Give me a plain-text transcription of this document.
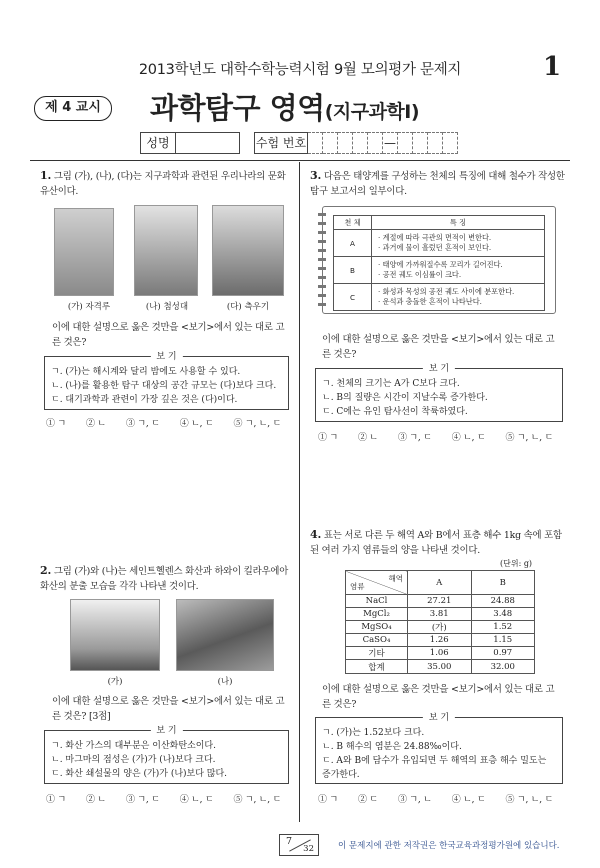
2013학년도 대학수학능력시험 9월 모의평가 문제지	1
제 4 교시	과학탐구 영역(지구과학Ⅰ)
성명	수험 번호	—
1. 그림 (가), (나), (다)는 지구과학과 관련된 우리나라의 문화 유산이다.
(가) 자격루	(나) 첨성대	(다) 측우기
이에 대한 설명으로 옳은 것만을 <보기>에서 있는 대로 고른 것은?
보 기
ㄱ. (가)는 해시계와 달리 밤에도 사용할 수 있다.
ㄴ. (나)를 활용한 탐구 대상의 공간 규모는 (다)보다 크다.
ㄷ. 대기과학과 관련이 가장 깊은 것은 (다)이다.
① ㄱ ② ㄴ ③ ㄱ, ㄷ ④ ㄴ, ㄷ ⑤ ㄱ, ㄴ, ㄷ
2. 그림 (가)와 (나)는 세인트헬렌스 화산과 하와이 킬라우에아 화산의 분출 모습을 각각 나타낸 것이다.
(가)	(나)
이에 대한 설명으로 옳은 것만을 <보기>에서 있는 대로 고른 것은? [3점]
보 기
ㄱ. 화산 가스의 대부분은 이산화탄소이다.
ㄴ. 마그마의 점성은 (가)가 (나)보다 크다.
ㄷ. 화산 쇄설물의 양은 (가)가 (나)보다 많다.
① ㄱ ② ㄴ ③ ㄱ, ㄷ ④ ㄴ, ㄷ ⑤ ㄱ, ㄴ, ㄷ
3. 다음은 태양계를 구성하는 천체의 특징에 대해 철수가 작성한 탐구 보고서의 일부이다.
천 체	특 징
A	· 계절에 따라 극관의 면적이 변한다.
· 과거에 물이 흘렀던 흔적이 보인다.

B	· 태양에 가까워질수록 꼬리가 길어진다.
· 공전 궤도 이심률이 크다.

C	· 화성과 목성의 공전 궤도 사이에 분포한다.
· 운석과 충돌한 흔적이 나타난다.
이에 대한 설명으로 옳은 것만을 <보기>에서 있는 대로 고른 것은?
보 기
ㄱ. 천체의 크기는 A가 C보다 크다.
ㄴ. B의 질량은 시간이 지날수록 증가한다.
ㄷ. C에는 유인 탐사선이 착륙하였다.
① ㄱ ② ㄴ ③ ㄱ, ㄷ ④ ㄴ, ㄷ ⑤ ㄱ, ㄴ, ㄷ
4. 표는 서로 다른 두 해역 A와 B에서 표층 해수 1kg 속에 포함된 여러 가지 염류들의 양을 나타낸 것이다.
(단위: g)
해역
염류	A	B
NaCl	27.21	24.88
MgCl₂	3.81	3.48
MgSO₄	(가)	1.52
CaSO₄	1.26	1.15
기타	1.06	0.97
합계	35.00	32.00
이에 대한 설명으로 옳은 것만을 <보기>에서 있는 대로 고른 것은?
보 기
ㄱ. (가)는 1.52보다 크다.
ㄴ. B 해수의 염분은 24.88‰이다.
ㄷ. A와 B에 담수가 유입되면 두 해역의 표층 해수 밀도는 증가한다.
① ㄱ ② ㄷ ③ ㄱ, ㄴ ④ ㄴ, ㄷ ⑤ ㄱ, ㄴ, ㄷ
7
32	이 문제지에 관한 저작권은 한국교육과정평가원에 있습니다.
